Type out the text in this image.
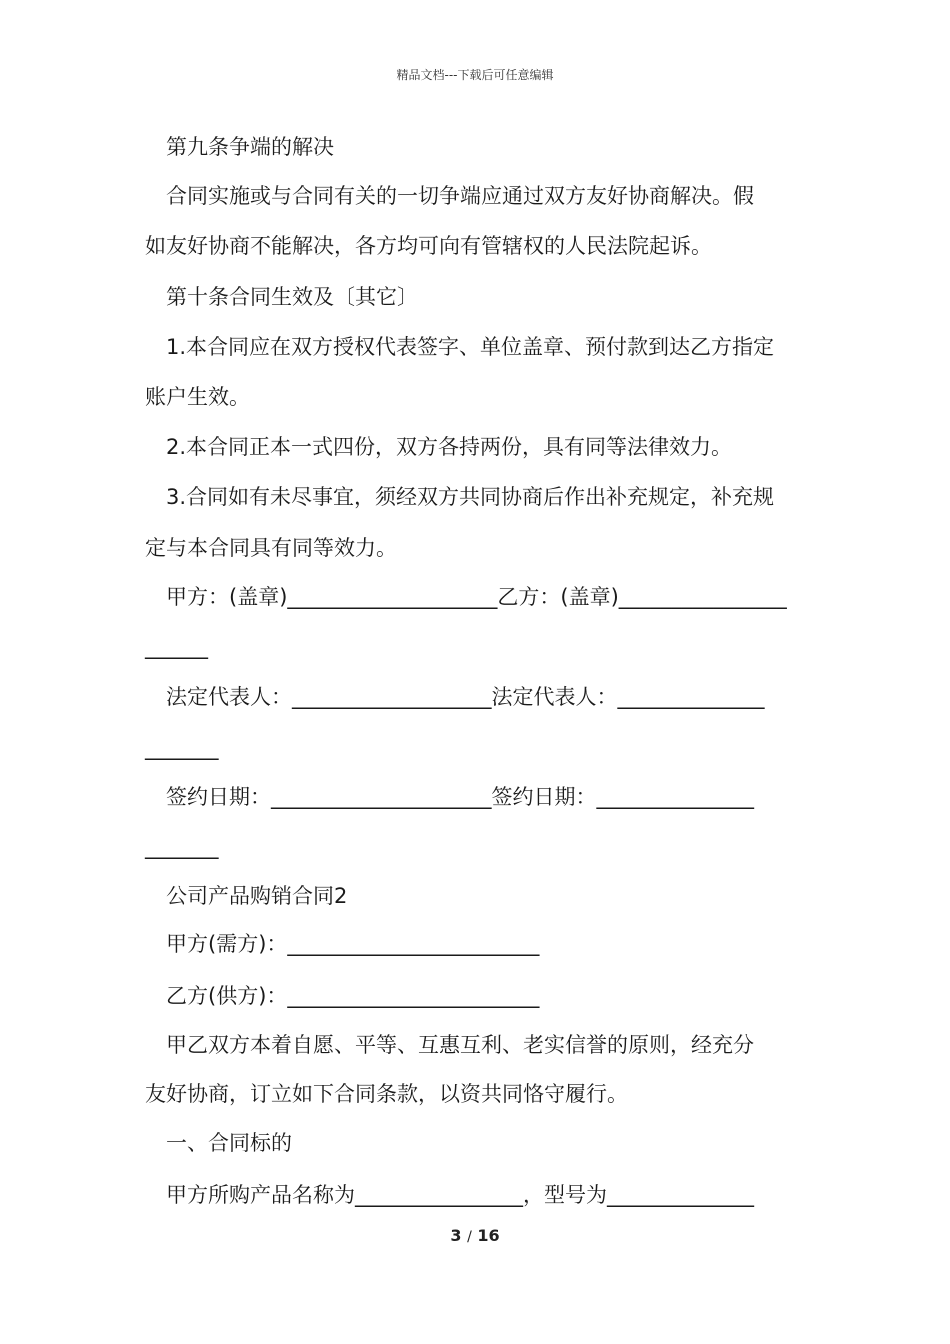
精品文档---下载后可任意编辑
第九条争端的解决
合同实施或与合同有关的一切争端应通过双方友好协商解决。假
如友好协商不能解决，各方均可向有管辖权的人民法院起诉。
第十条合同生效及〔其它〕
1.本合同应在双方授权代表签字、单位盖章、预付款到达乙方指定
账户生效。
2.本合同正本一式四份，双方各持两份，具有同等法律效力。
3.合同如有未尽事宜，须经双方共同协商后作出补充规定，补充规
定与本合同具有同等效力。
甲方：(盖章)____________________乙方：(盖章)________________
______
法定代表人：___________________法定代表人：______________
_______
签约日期：_____________________签约日期：_______________
_______
公司产品购销合同2
甲方(需方)：________________________
乙方(供方)：________________________
甲乙双方本着自愿、平等、互惠互利、老实信誉的原则，经充分
友好协商，订立如下合同条款，以资共同恪守履行。
一、合同标的
甲方所购产品名称为________________，型号为______________
3 / 16
